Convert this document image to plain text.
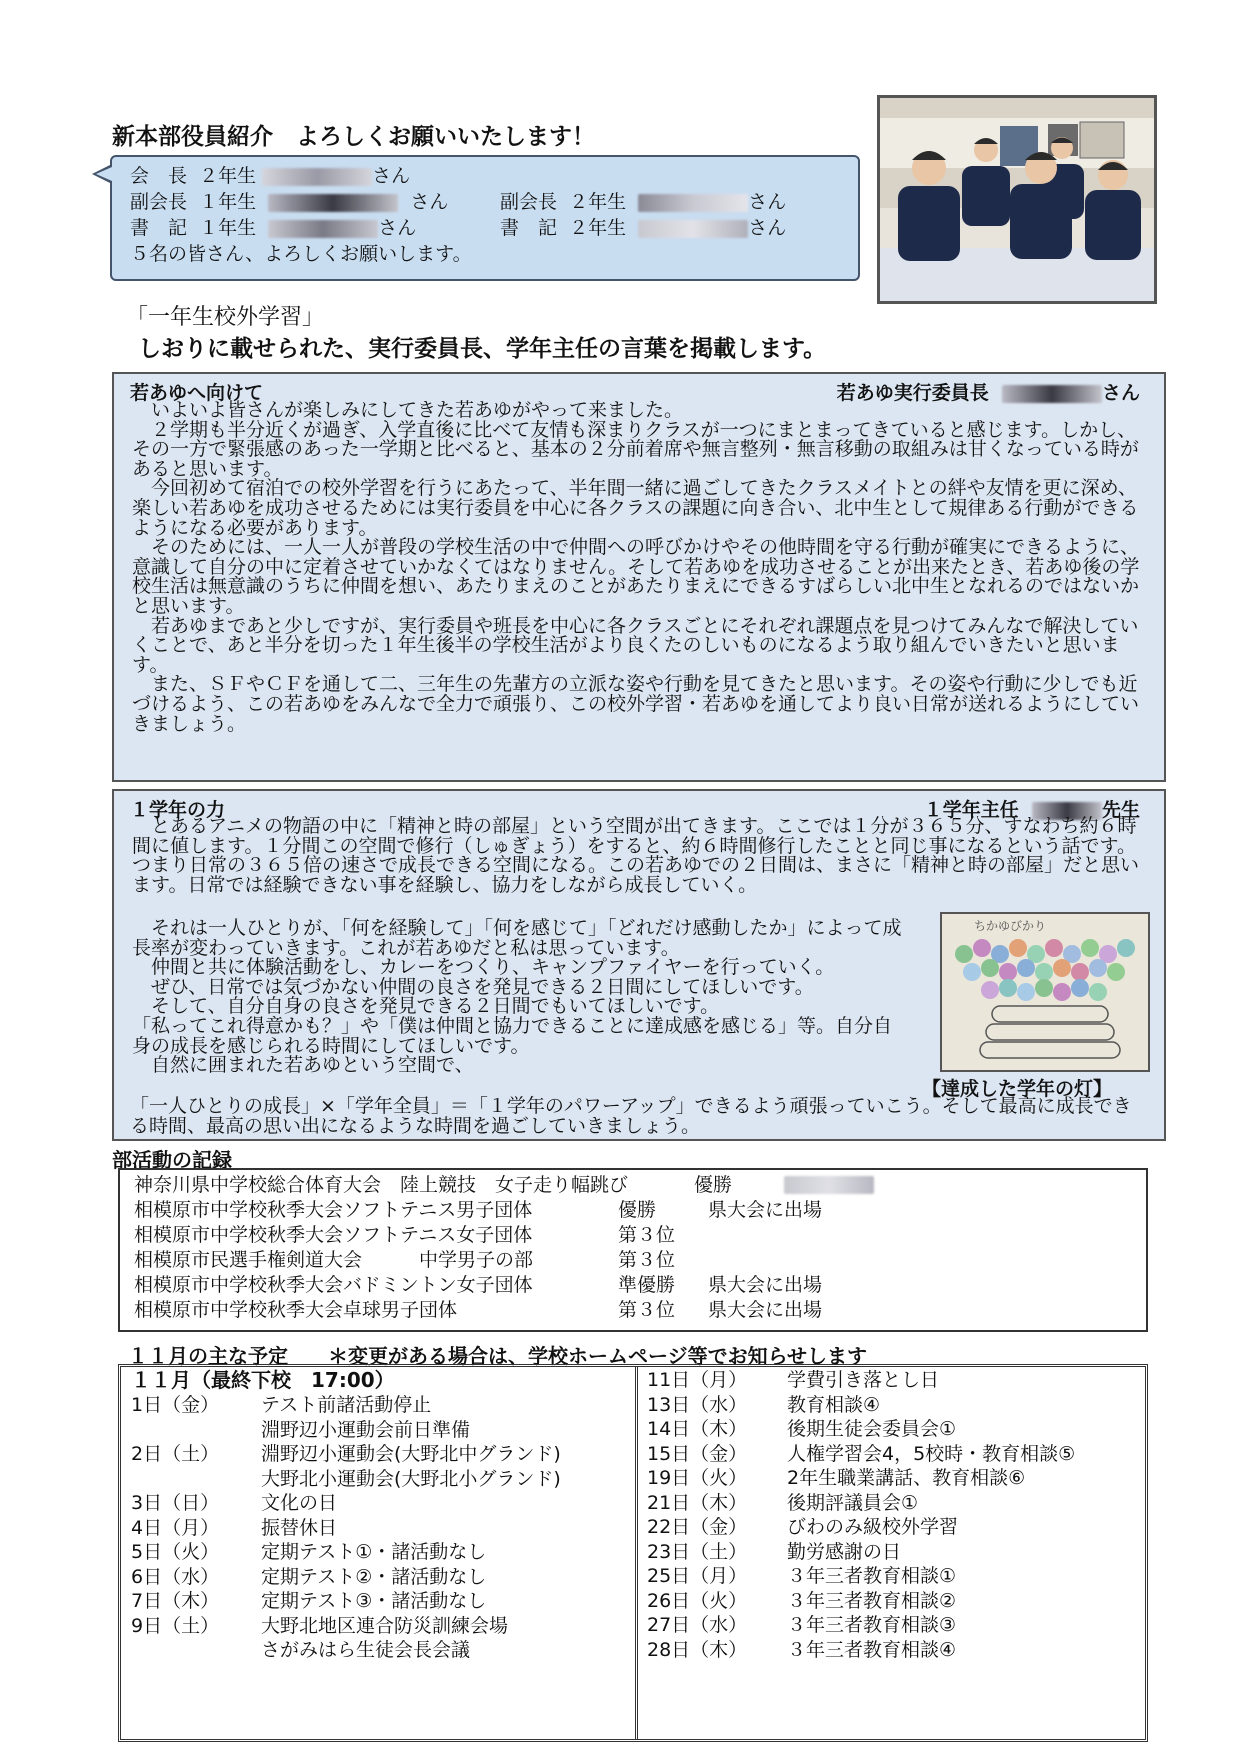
新本部役員紹介　よろしくお願いいたします！
会　長 ２年生	さん
副会長 １年生	さん	副会長 ２年生	さん
書　記 １年生	さん	書　記 ２年生	さん
５名の皆さん、よろしくお願いします。
「一年生校外学習」
しおりに載せられた、実行委員長、学年主任の言葉を掲載します。
若あゆへ向けて	若あゆ実行委員長	さん

いよいよ皆さんが楽しみにしてきた若あゆがやって来ました。

２学期も半分近くが過ぎ、入学直後に比べて友情も深まりクラスが一つにまとまってきていると感じます。しかし、その一方で緊張感のあった一学期と比べると、基本の２分前着席や無言整列・無言移動の取組みは甘くなっている時があると思います。

今回初めて宿泊での校外学習を行うにあたって、半年間一緒に過ごしてきたクラスメイトとの絆や友情を更に深め、楽しい若あゆを成功させるためには実行委員を中心に各クラスの課題に向き合い、北中生として規律ある行動ができるようになる必要があります。

そのためには、一人一人が普段の学校生活の中で仲間への呼びかけやその他時間を守る行動が確実にできるように、意識して自分の中に定着させていかなくてはなりません。そして若あゆを成功させることが出来たとき、若あゆ後の学校生活は無意識のうちに仲間を想い、あたりまえのことがあたりまえにできるすばらしい北中生となれるのではないかと思います。

若あゆまであと少しですが、実行委員や班長を中心に各クラスごとにそれぞれ課題点を見つけてみんなで解決していくことで、あと半分を切った１年生後半の学校生活がより良くたのしいものになるよう取り組んでいきたいと思います。

また、ＳＦやＣＦを通して二、三年生の先輩方の立派な姿や行動を見てきたと思います。その姿や行動に少しでも近づけるよう、この若あゆをみんなで全力で頑張り、この校外学習・若あゆを通してより良い日常が送れるようにしていきましょう。

１学年の力	１学年主任	先生

とあるアニメの物語の中に「精神と時の部屋」という空間が出てきます。ここでは１分が３６５分、すなわち約６時間に値します。１分間この空間で修行（しゅぎょう）をすると、約６時間修行したことと同じ事になるという話です。つまり日常の３６５倍の速さで成長できる空間になる。この若あゆでの２日間は、まさに「精神と時の部屋」だと思います。日常では経験できない事を経験し、協力をしながら成長していく。

それは一人ひとりが、「何を経験して」「何を感じて」「どれだけ感動したか」によって成長率が変わっていきます。これが若あゆだと私は思っています。

仲間と共に体験活動をし、カレーをつくり、キャンプファイヤーを行っていく。

ぜひ、日常では気づかない仲間の良さを発見できる２日間にしてほしいです。

そして、自分自身の良さを発見できる２日間でもいてほしいです。

「私ってこれ得意かも？」や「僕は仲間と協力できることに達成感を感じる」等。自分自身の成長を感じられる時間にしてほしいです。

自然に囲まれた若あゆという空間で、

ちかゆびかり
【達成した学年の灯】
「一人ひとりの成長」×「学年全員」＝「１学年のパワーアップ」できるよう頑張っていこう。そして最高に成長できる時間、最高の思い出になるような時間を過ごしていきましょう。
部活動の記録
神奈川県中学校総合体育大会　陸上競技　女子走り幅跳び	優勝
相模原市中学校秋季大会ソフトテニス男子団体	優勝	県大会に出場
相模原市中学校秋季大会ソフトテニス女子団体	第３位
相模原市民選手権剣道大会　　　中学男子の部	第３位
相模原市中学校秋季大会バドミントン女子団体	準優勝 県大会に出場
相模原市中学校秋季大会卓球男子団体	第３位 県大会に出場
１１月の主な予定　　＊変更がある場合は、学校ホームページ等でお知らせします
１１月（最終下校　17:00）
1日（金） テスト前諸活動停止
淵野辺小運動会前日準備
2日（土） 淵野辺小運動会(大野北中グランド)
大野北小運動会(大野北小グランド)
3日（日） 文化の日
4日（月） 振替休日
5日（火） 定期テスト①・諸活動なし
6日（水） 定期テスト②・諸活動なし
7日（木） 定期テスト③・諸活動なし
9日（土） 大野北地区連合防災訓練会場
さがみはら生徒会長会議
11日（月） 学費引き落とし日
13日（水） 教育相談④
14日（木） 後期生徒会委員会①
15日（金） 人権学習会4，5校時・教育相談⑤
19日（火） 2年生職業講話、教育相談⑥
21日（木） 後期評議員会①
22日（金） びわのみ級校外学習
23日（土） 勤労感謝の日
25日（月） ３年三者教育相談①
26日（火） ３年三者教育相談②
27日（水） ３年三者教育相談③
28日（木） ３年三者教育相談④
